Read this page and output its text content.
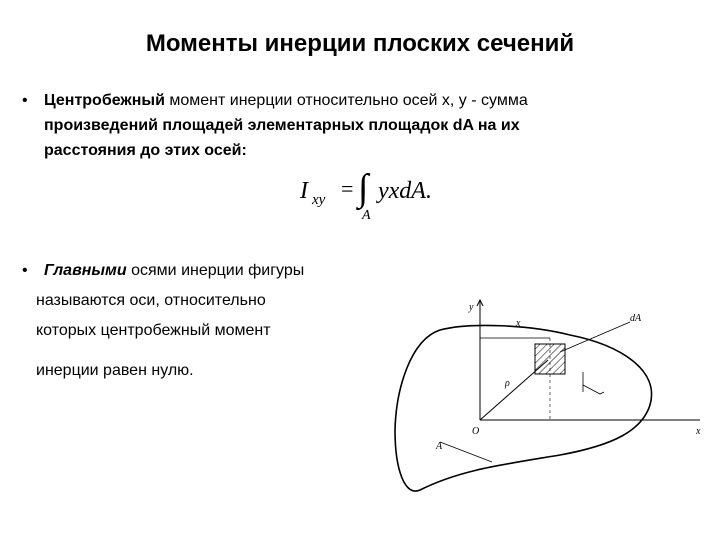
Моменты инерции плоских сечений
• Центробежный момент инерции относительно осей x, y - сумма
произведений площадей элементарных площадок dA на их
расстояния до этих осей:
I xy = ∫ yxdA.
A
• Главными осями инерции фигуры
называются оси, относительно
которых центробежный момент
инерции равен нулю.
y
x	dA
ρ
O	x
A
